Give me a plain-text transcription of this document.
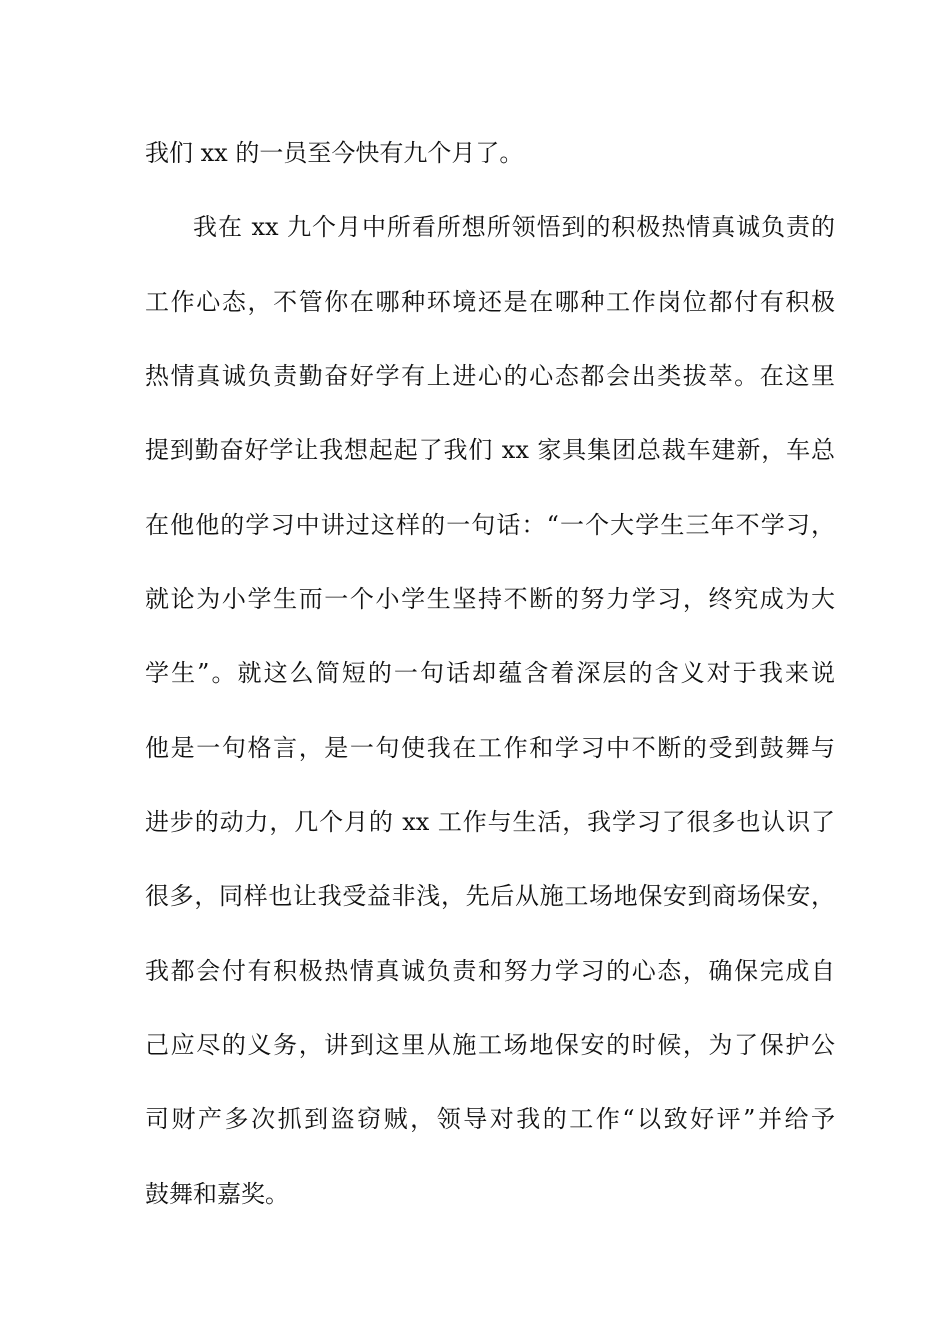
我们 xx 的一员至今快有九个月了。
我在 xx 九个月中所看所想所领悟到的积极热情真诚负责的
工作心态，不管你在哪种环境还是在哪种工作岗位都付有积极
热情真诚负责勤奋好学有上进心的心态都会出类拔萃。在这里
提到勤奋好学让我想起起了我们 xx 家具集团总裁车建新，车总
在他他的学习中讲过这样的一句话：“一个大学生三年不学习，
就论为小学生而一个小学生坚持不断的努力学习，终究成为大
学生”。就这么简短的一句话却蕴含着深层的含义对于我来说
他是一句格言，是一句使我在工作和学习中不断的受到鼓舞与
进步的动力，几个月的 xx 工作与生活，我学习了很多也认识了
很多，同样也让我受益非浅，先后从施工场地保安到商场保安，
我都会付有积极热情真诚负责和努力学习的心态，确保完成自
己应尽的义务，讲到这里从施工场地保安的时候，为了保护公
司财产多次抓到盗窃贼，领导对我的工作“以致好评”并给予
鼓舞和嘉奖。
